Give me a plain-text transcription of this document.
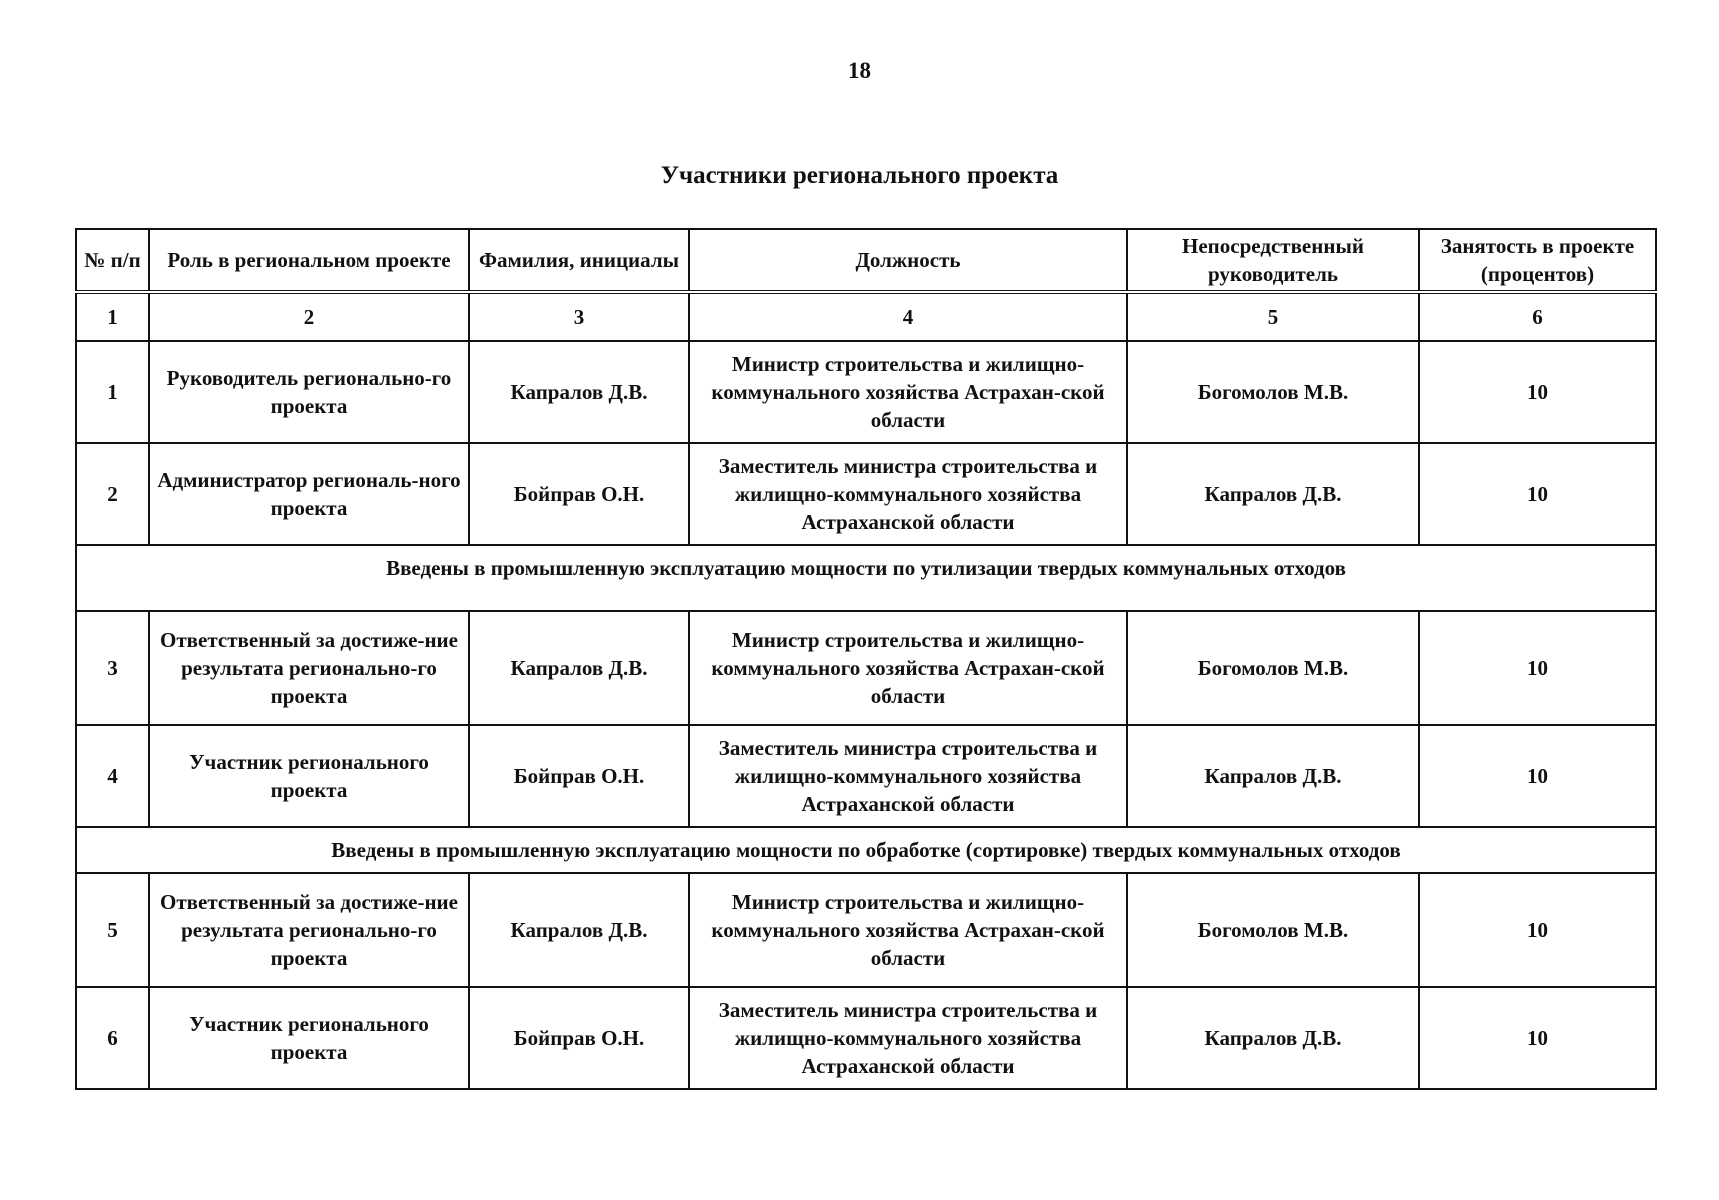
18
Участники регионального проекта
№ п/п	Роль в региональном проекте	Фамилия, инициалы	Должность	Непосредственный руководитель	Занятость в проекте (процентов)
1	2	3	4	5	6
1	Руководитель регионально-го проекта	Капралов Д.В.	Министр строительства и жилищно-коммунального хозяйства Астрахан-ской области	Богомолов М.В.	10
2	Администратор региональ-ного проекта	Бойправ О.Н.	Заместитель министра строительства и жилищно-коммунального хозяйства Астраханской области	Капралов Д.В.	10
Введены в промышленную эксплуатацию мощности по утилизации твердых коммунальных отходов					
3	Ответственный за достиже-ние результата регионально-го проекта	Капралов Д.В.	Министр строительства и жилищно-коммунального хозяйства Астрахан-ской области	Богомолов М.В.	10
4	Участник регионального проекта	Бойправ О.Н.	Заместитель министра строительства и жилищно-коммунального хозяйства Астраханской области	Капралов Д.В.	10
Введены в промышленную эксплуатацию мощности по обработке (сортировке) твердых коммунальных отходов					
5	Ответственный за достиже-ние результата регионально-го проекта	Капралов Д.В.	Министр строительства и жилищно-коммунального хозяйства Астрахан-ской области	Богомолов М.В.	10
6	Участник регионального проекта	Бойправ О.Н.	Заместитель министра строительства и жилищно-коммунального хозяйства Астраханской области	Капралов Д.В.	10
